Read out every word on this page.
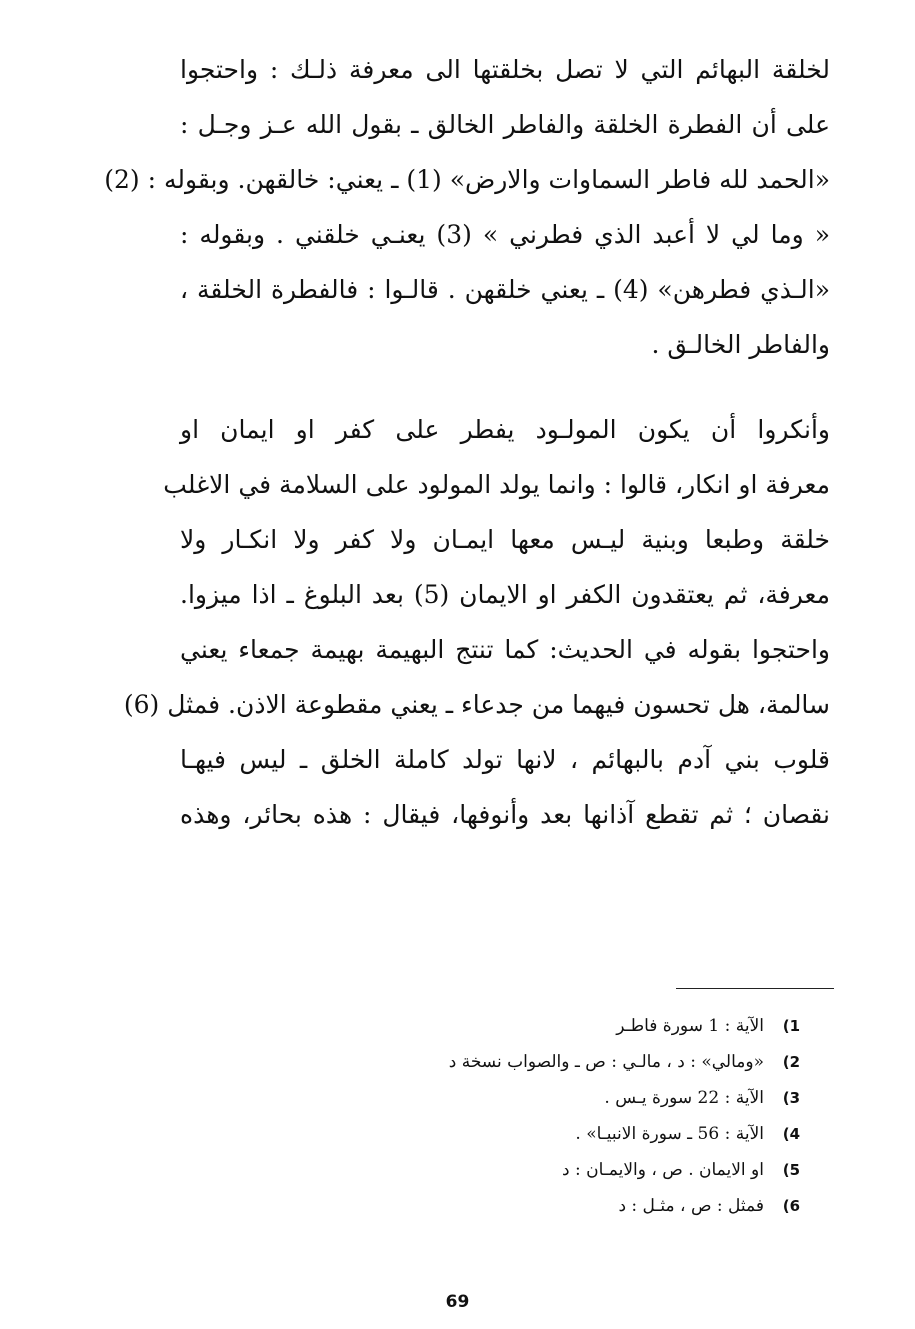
لخلقة البهائم التي لا تصل بخلقتها الى معرفة ذلـك : واحتجوا
على أن الفطرة الخلقة والفاطر الخالق ـ بقول الله عـز وجـل :
«الحمد لله فاطر السماوات والارض» (1) ـ يعني: خالقهن. وبقوله : (2)
« وما لي لا أعبد الذي فطرني » (3) يعنـي خلقني . وبقوله :
«الـذي فطرهن» (4) ـ يعني خلقهن . قالـوا : فالفطرة الخلقة ،
والفاطر الخالـق .
وأنكروا أن يكون المولـود يفطر على كفر او ايمان او
معرفة او انكار، قالوا : وانما يولد المولود على السلامة في الاغلب
خلقة وطبعا وبنية ليـس معها ايمـان ولا كفر ولا انكـار ولا
معرفة، ثم يعتقدون الكفر او الايمان (5) بعد البلوغ ـ اذا ميزوا.
واحتجوا بقوله في الحديث: كما تنتج البهيمة بهيمة جمعاء يعني
سالمة، هل تحسون فيهما من جدعاء ـ يعني مقطوعة الاذن. فمثل (6)
قلوب بني آدم بالبهائم ، لانها تولد كاملة الخلق ـ ليس فيهـا
نقصان ؛ ثم تقطع آذانها بعد وأنوفها، فيقال : هذه بحائر، وهذه
1)
الآية : 1 سورة فاطـر
2)
«ومالي» : د ، مالـي : ص ـ والصواب نسخة د
3)
الآية : 22 سورة يـس .
4)
الآية : 56 ـ سورة الانبيـا» .
5)
او الايمان . ص ، والايمـان : د
6)
فمثل : ص ، مثـل : د

69
